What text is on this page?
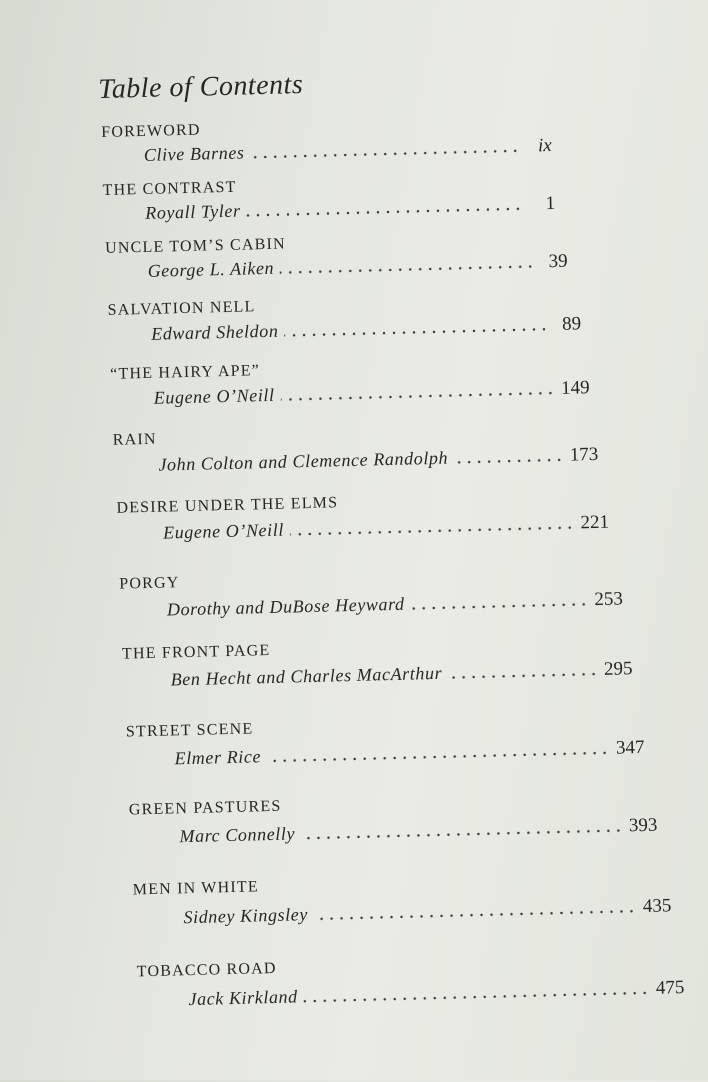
Table of Contents
FOREWORD
Clive Barnes	ix
THE CONTRAST
Royall Tyler	1
UNCLE TOM’S CABIN
George L. Aiken	39
SALVATION NELL
Edward Sheldon	89
“THE HAIRY APE”
Eugene O’Neill	149
RAIN
John Colton and Clemence Randolph	173
DESIRE UNDER THE ELMS
Eugene O’Neill	221
PORGY
Dorothy and DuBose Heyward	253
THE FRONT PAGE
Ben Hecht and Charles MacArthur	295
STREET SCENE
Elmer Rice	347
GREEN PASTURES
Marc Connelly	393
MEN IN WHITE
Sidney Kingsley	435
TOBACCO ROAD
Jack Kirkland	475
